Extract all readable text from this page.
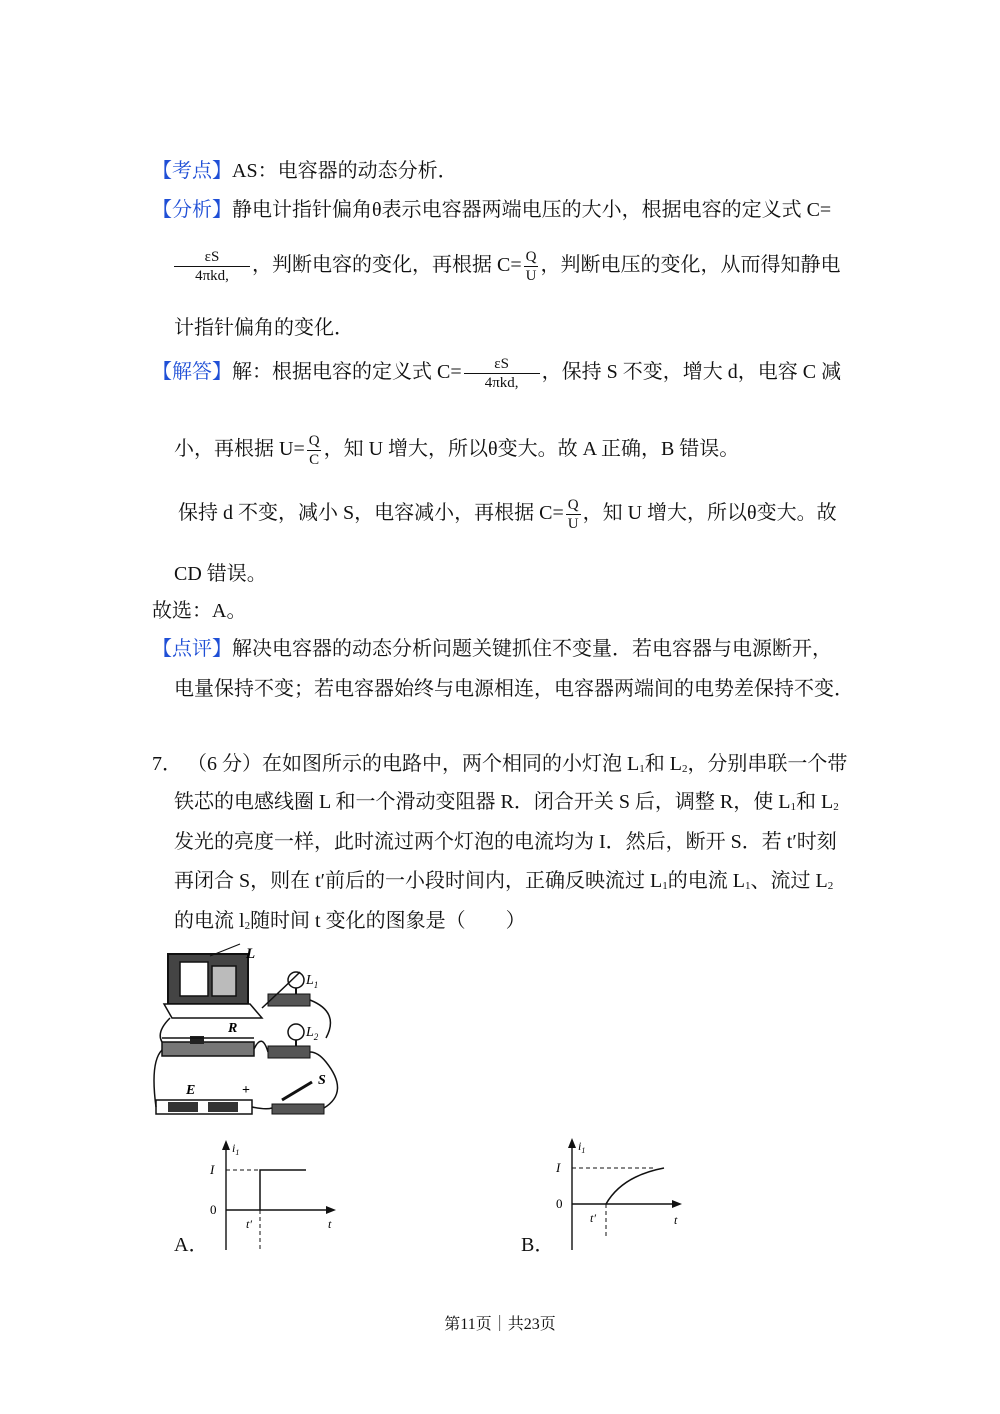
【考点】AS：电容器的动态分析．
【分析】静电计指针偏角θ表示电容器两端电压的大小，根据电容的定义式 C=
$\frac{\varepsilon S}{\text{4πkd,}}$ ，判断电容的变化，再根据 $C= \frac{Q}{U}$ ，判断电压的变化，从而得知静电
计指针偏角的变化．
【解答】解：根据电容的定义式 $C= \frac{\varepsilon S}{\text{4πkd,}}$ ，保持 S 不变，增大 d，电容 C 减
小，再根据 $U= \frac{Q}{C}$ ，知 U 增大，所以θ变大。故 A 正确，B 错误。
保持 d 不变，减小 S，电容减小，再根据 $C= \frac{Q}{U}$ ，知 U 增大，所以θ变大。故
CD 错误。
故选：A。
【点评】解决电容器的动态分析问题关键抓住不变量．若电容器与电源断开，
电量保持不变；若电容器始终与电源相连，电容器两端间的电势差保持不变．
7． （6 分）在如图所示的电路中，两个相同的小灯泡 $L_1$和 $L_2$，分别串联一个带
铁芯的电感线圈 L 和一个滑动变阻器 R．闭合开关 S 后，调整 R，使 $L_1$和 $L_2$
发光的亮度一样，此时流过两个灯泡的电流均为 I．然后，断开 S．若 t′时刻
再闭合 S，则在 t′前后的一小段时间内，正确反映流过 $L_1$的电流 $L_1$、流过 $L_2$
的电流 $l_2$随时间 t 变化的图象是（　　）
L
$L_1$
R	$L_2$
E	+
S
A．
$i_1$
I
0
t′	t
B．
$i_1$
I
0
t′	t
第11页｜共23页
